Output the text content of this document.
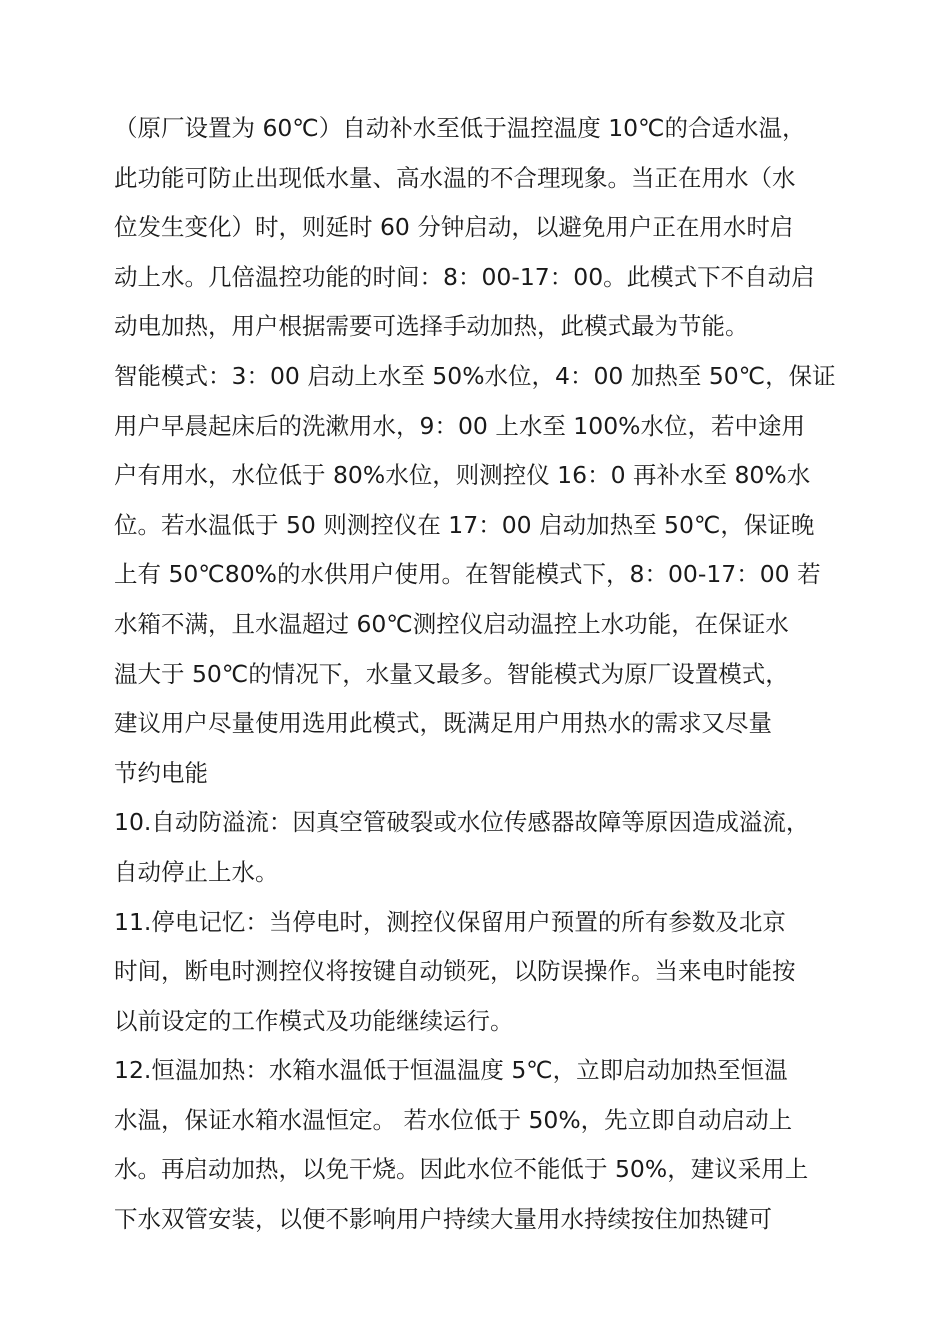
（原厂设置为 60℃）自动补水至低于温控温度 10℃的合适水温，
此功能可防止出现低水量、高水温的不合理现象。当正在用水（水
位发生变化）时，则延时 60 分钟启动，以避免用户正在用水时启
动上水。几倍温控功能的时间：8：00-17：00。此模式下不自动启
动电加热，用户根据需要可选择手动加热，此模式最为节能。
智能模式：3：00 启动上水至 50%水位，4：00 加热至 50℃，保证
用户早晨起床后的洗漱用水，9：00 上水至 100%水位，若中途用
户有用水，水位低于 80%水位，则测控仪 16：0 再补水至 80%水
位。若水温低于 50 则测控仪在 17：00 启动加热至 50℃，保证晚
上有 50℃80%的水供用户使用。在智能模式下，8：00-17：00 若
水箱不满，且水温超过 60℃测控仪启动温控上水功能，在保证水
温大于 50℃的情况下，水量又最多。智能模式为原厂设置模式，
建议用户尽量使用选用此模式，既满足用户用热水的需求又尽量
节约电能
10.自动防溢流：因真空管破裂或水位传感器故障等原因造成溢流，
自动停止上水。
11.停电记忆：当停电时，测控仪保留用户预置的所有参数及北京
时间，断电时测控仪将按键自动锁死，以防误操作。当来电时能按
以前设定的工作模式及功能继续运行。
12.恒温加热：水箱水温低于恒温温度 5℃，立即启动加热至恒温
水温，保证水箱水温恒定。 若水位低于 50%，先立即自动启动上
水。再启动加热，以免干烧。因此水位不能低于 50%，建议采用上
下水双管安装，以便不影响用户持续大量用水持续按住加热键可
